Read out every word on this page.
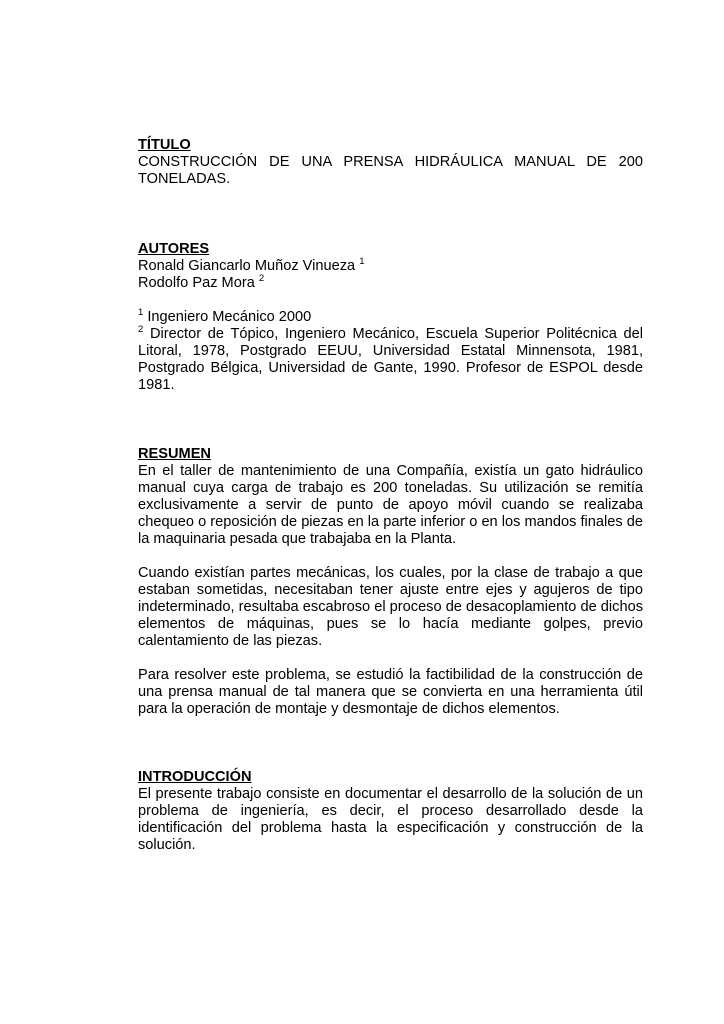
TÍTULO

CONSTRUCCIÓN DE UNA PRENSA HIDRÁULICA MANUAL DE 200 TONELADAS.

AUTORES

Ronald Giancarlo Muñoz Vinueza $^1$

Rodolfo Paz Mora $^2$

$^1$ Ingeniero Mecánico 2000

$^2$ Director de Tópico, Ingeniero Mecánico, Escuela Superior Politécnica del Litoral, 1978, Postgrado EEUU, Universidad Estatal Minnensota, 1981, Postgrado Bélgica, Universidad de Gante, 1990. Profesor de ESPOL desde 1981.

RESUMEN

En el taller de mantenimiento de una Compañía, existía un gato hidráulico manual cuya carga de trabajo es 200 toneladas. Su utilización se remitía exclusivamente a servir de punto de apoyo móvil cuando se realizaba chequeo o reposición de piezas en la parte inferior o en los mandos finales de la maquinaria pesada que trabajaba en la Planta.

Cuando existían partes mecánicas, los cuales, por la clase de trabajo a que estaban sometidas, necesitaban tener ajuste entre ejes y agujeros de tipo indeterminado, resultaba escabroso el proceso de desacoplamiento de dichos elementos de máquinas, pues se lo hacía mediante golpes, previo calentamiento de las piezas.

Para resolver este problema, se estudió la factibilidad de la construcción de una prensa manual de tal manera que se convierta en una herramienta útil para la operación de montaje y desmontaje de dichos elementos.

INTRODUCCIÓN

El presente trabajo consiste en documentar el desarrollo de la solución de un problema de ingeniería, es decir, el proceso desarrollado desde la identificación del problema hasta la especificación y construcción de la solución.
